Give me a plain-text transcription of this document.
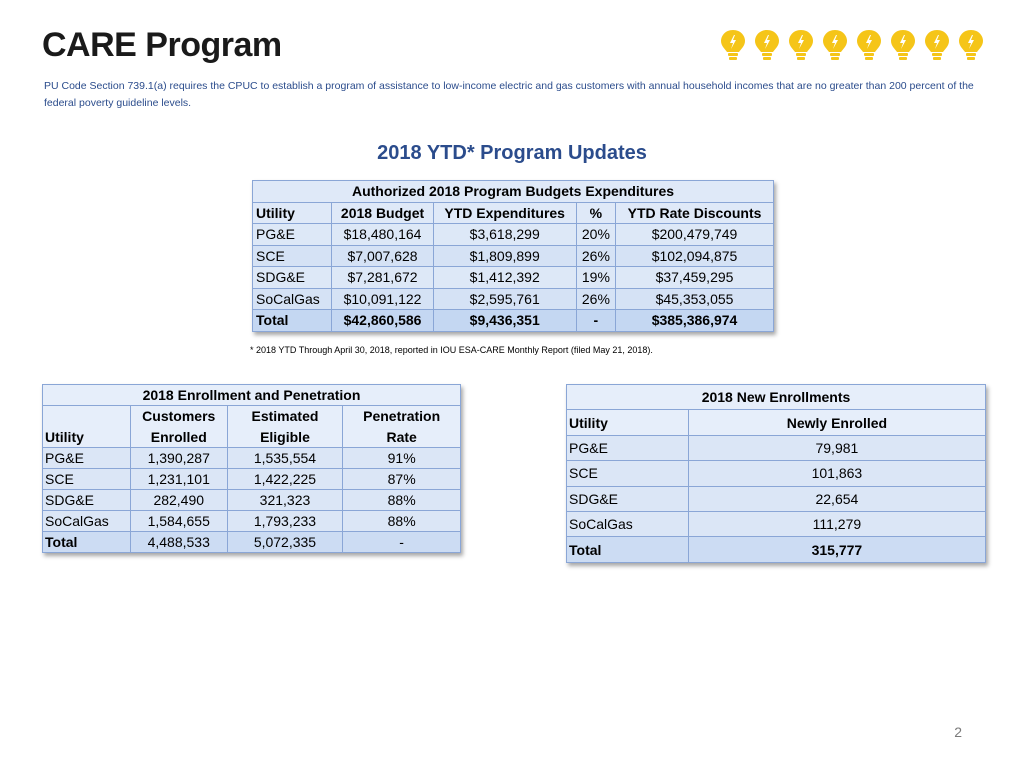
CARE Program
PU Code Section 739.1(a) requires the CPUC to establish a program of assistance to low-income electric and gas customers with annual household incomes that are no greater than 200 percent of the federal poverty guideline levels.
2018 YTD* Program Updates
Authorized 2018 Program Budgets Expenditures				
Utility	2018 Budget	YTD Expenditures	%	YTD Rate Discounts
PG&E	$18,480,164	$3,618,299	20%	$200,479,749
SCE	$7,007,628	$1,809,899	26%	$102,094,875
SDG&E	$7,281,672	$1,412,392	19%	$37,459,295
SoCalGas	$10,091,122	$2,595,761	26%	$45,353,055
Total	$42,860,586	$9,436,351	-	$385,386,974
* 2018 YTD Through April 30, 2018, reported in IOU ESA-CARE Monthly Report (filed May 21, 2018).
2018 Enrollment and Penetration			
	Customers	Estimated	Penetration
Utility	Enrolled	Eligible	Rate
PG&E	1,390,287	1,535,554	91%
SCE	1,231,101	1,422,225	87%
SDG&E	282,490	321,323	88%
SoCalGas	1,584,655	1,793,233	88%
Total	4,488,533	5,072,335	-
2018 New Enrollments	
Utility	Newly Enrolled
PG&E	79,981
SCE	101,863
SDG&E	22,654
SoCalGas	111,279
Total	315,777
2
